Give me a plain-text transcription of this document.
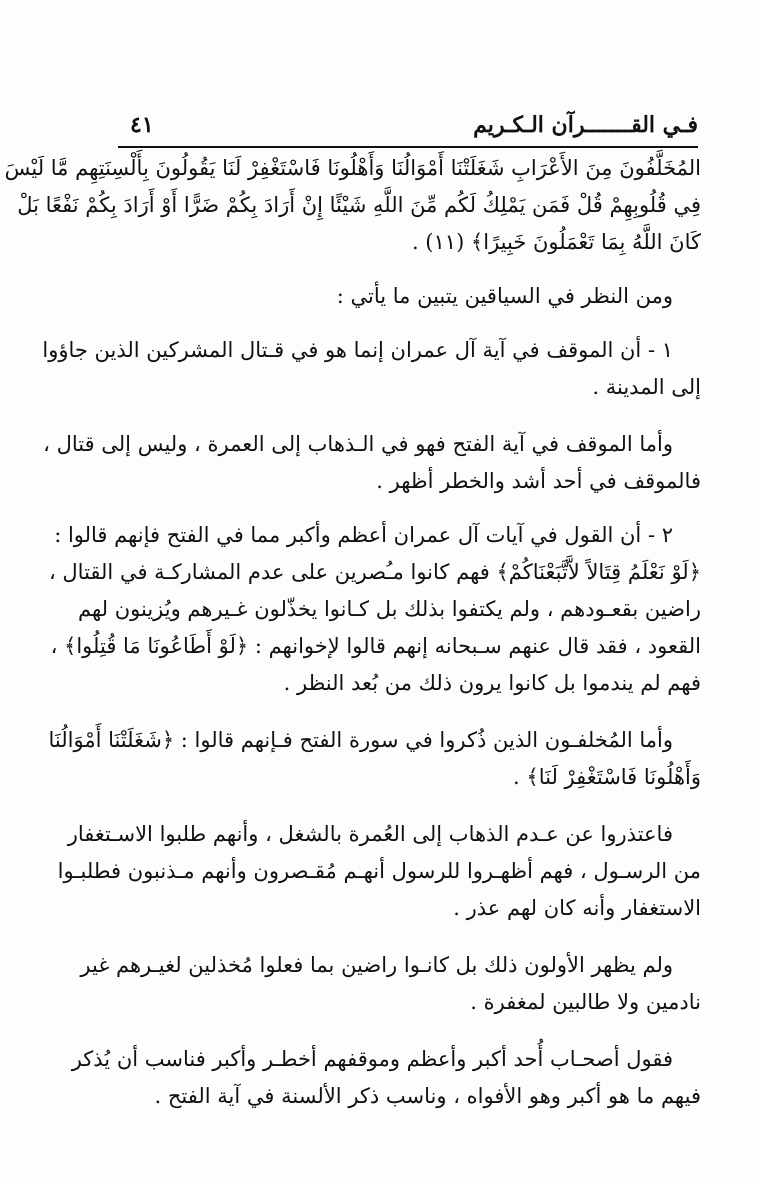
فـي القـــــــرآن الـكـريم
٤١
المُخَلَّفُونَ مِنَ الأَعْرَابِ شَغَلَتْنَا أَمْوَالُنَا وَأَهْلُونَا فَاسْتَغْفِرْ لَنَا يَقُولُونَ بِأَلْسِنَتِهِم مَّا لَيْسَ
فِي قُلُوبِهِمْ قُلْ فَمَن يَمْلِكُ لَكُم مِّنَ اللَّهِ شَيْئًا إِنْ أَرَادَ بِكُمْ ضَرًّا أَوْ أَرَادَ بِكُمْ نَفْعًا بَلْ
كَانَ اللَّهُ بِمَا تَعْمَلُونَ خَبِيرًا﴾ (١١) .
ومن النظر في السياقين يتبين ما يأتي :
١ - أن الموقف في آية آل عمران إنما هو في قـتال المشركين الذين جاؤوا
إلى المدينة .
وأما الموقف في آية الفتح فهو في الـذهاب إلى العمرة ، وليس إلى قتال ،
فالموقف في أحد أشد والخطر أظهر .
٢ - أن القول في آيات آل عمران أعظم وأكبر مما في الفتح فإنهم قالوا :
﴿لَوْ نَعْلَمُ قِتَالاً لاَّتَّبَعْنَاكُمْ﴾ فهم كانوا مـُصرين على عدم المشاركـة في القتال ،
راضين بقعـودهم ، ولم يكتفوا بذلك بل كـانوا يخذّلون غـيرهم ويُزينون لهم
القعود ، فقد قال عنهم سـبحانه إنهم قالوا لإخوانهم : ﴿لَوْ أَطَاعُونَا مَا قُتِلُوا﴾ ،
فهم لم يندموا بل كانوا يرون ذلك من بُعد النظر .
وأما المُخلفـون الذين ذُكروا في سورة الفتح فـإنهم قالوا : ﴿شَغَلَتْنَا أَمْوَالُنَا
وَأَهْلُونَا فَاسْتَغْفِرْ لَنَا﴾ .
فاعتذروا عن عـدم الذهاب إلى العُمرة بالشغل ، وأنهم طلبوا الاسـتغفار
من الرسـول ، فهم أظهـروا للرسول أنهـم مُقـصرون وأنهم مـذنبون فطلبـوا
الاستغفار وأنه كان لهم عذر .
ولم يظهر الأولون ذلك بل كانـوا راضين بما فعلوا مُخذلين لغيـرهم غير
نادمين ولا طالبين لمغفرة .
فقول أصحـاب أُحد أكبر وأعظم وموقفهم أخطـر وأكبر فناسب أن يُذكر
فيهم ما هو أكبر وهو الأفواه ، وناسب ذكر الألسنة في آية الفتح .
